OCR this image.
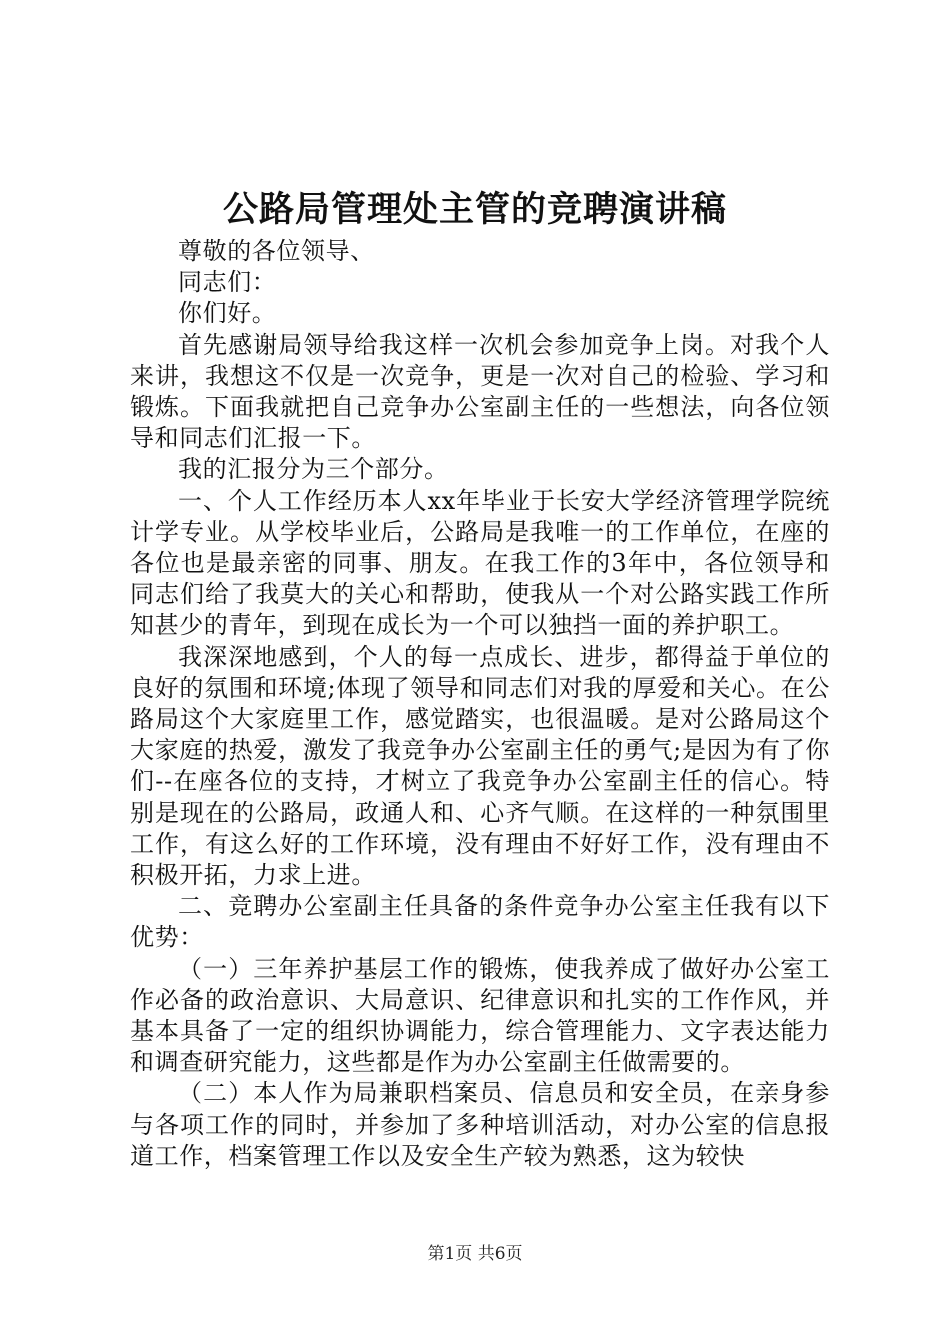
公路局管理处主管的竞聘演讲稿

尊敬的各位领导、

同志们：

你们好。

首先感谢局领导给我这样一次机会参加竞争上岗。对我个人来讲，我想这不仅是一次竞争，更是一次对自己的检验、学习和锻炼。下面我就把自己竞争办公室副主任的一些想法，向各位领导和同志们汇报一下。

我的汇报分为三个部分。

一、个人工作经历本人xx年毕业于长安大学经济管理学院统计学专业。从学校毕业后，公路局是我唯一的工作单位，在座的各位也是最亲密的同事、朋友。在我工作的3年中，各位领导和同志们给了我莫大的关心和帮助，使我从一个对公路实践工作所知甚少的青年，到现在成长为一个可以独挡一面的养护职工。

我深深地感到，个人的每一点成长、进步，都得益于单位的良好的氛围和环境;体现了领导和同志们对我的厚爱和关心。在公路局这个大家庭里工作，感觉踏实，也很温暖。是对公路局这个大家庭的热爱，激发了我竞争办公室副主任的勇气;是因为有了你们--在座各位的支持，才树立了我竞争办公室副主任的信心。特别是现在的公路局，政通人和、心齐气顺。在这样的一种氛围里工作，有这么好的工作环境，没有理由不好好工作，没有理由不积极开拓，力求上进。

二、竞聘办公室副主任具备的条件竞争办公室主任我有以下优势：

（一）三年养护基层工作的锻炼，使我养成了做好办公室工作必备的政治意识、大局意识、纪律意识和扎实的工作作风，并基本具备了一定的组织协调能力，综合管理能力、文字表达能力和调查研究能力，这些都是作为办公室副主任做需要的。

（二）本人作为局兼职档案员、信息员和安全员，在亲身参与各项工作的同时，并参加了多种培训活动，对办公室的信息报道工作，档案管理工作以及安全生产较为熟悉，这为较快

第1页 共6页
